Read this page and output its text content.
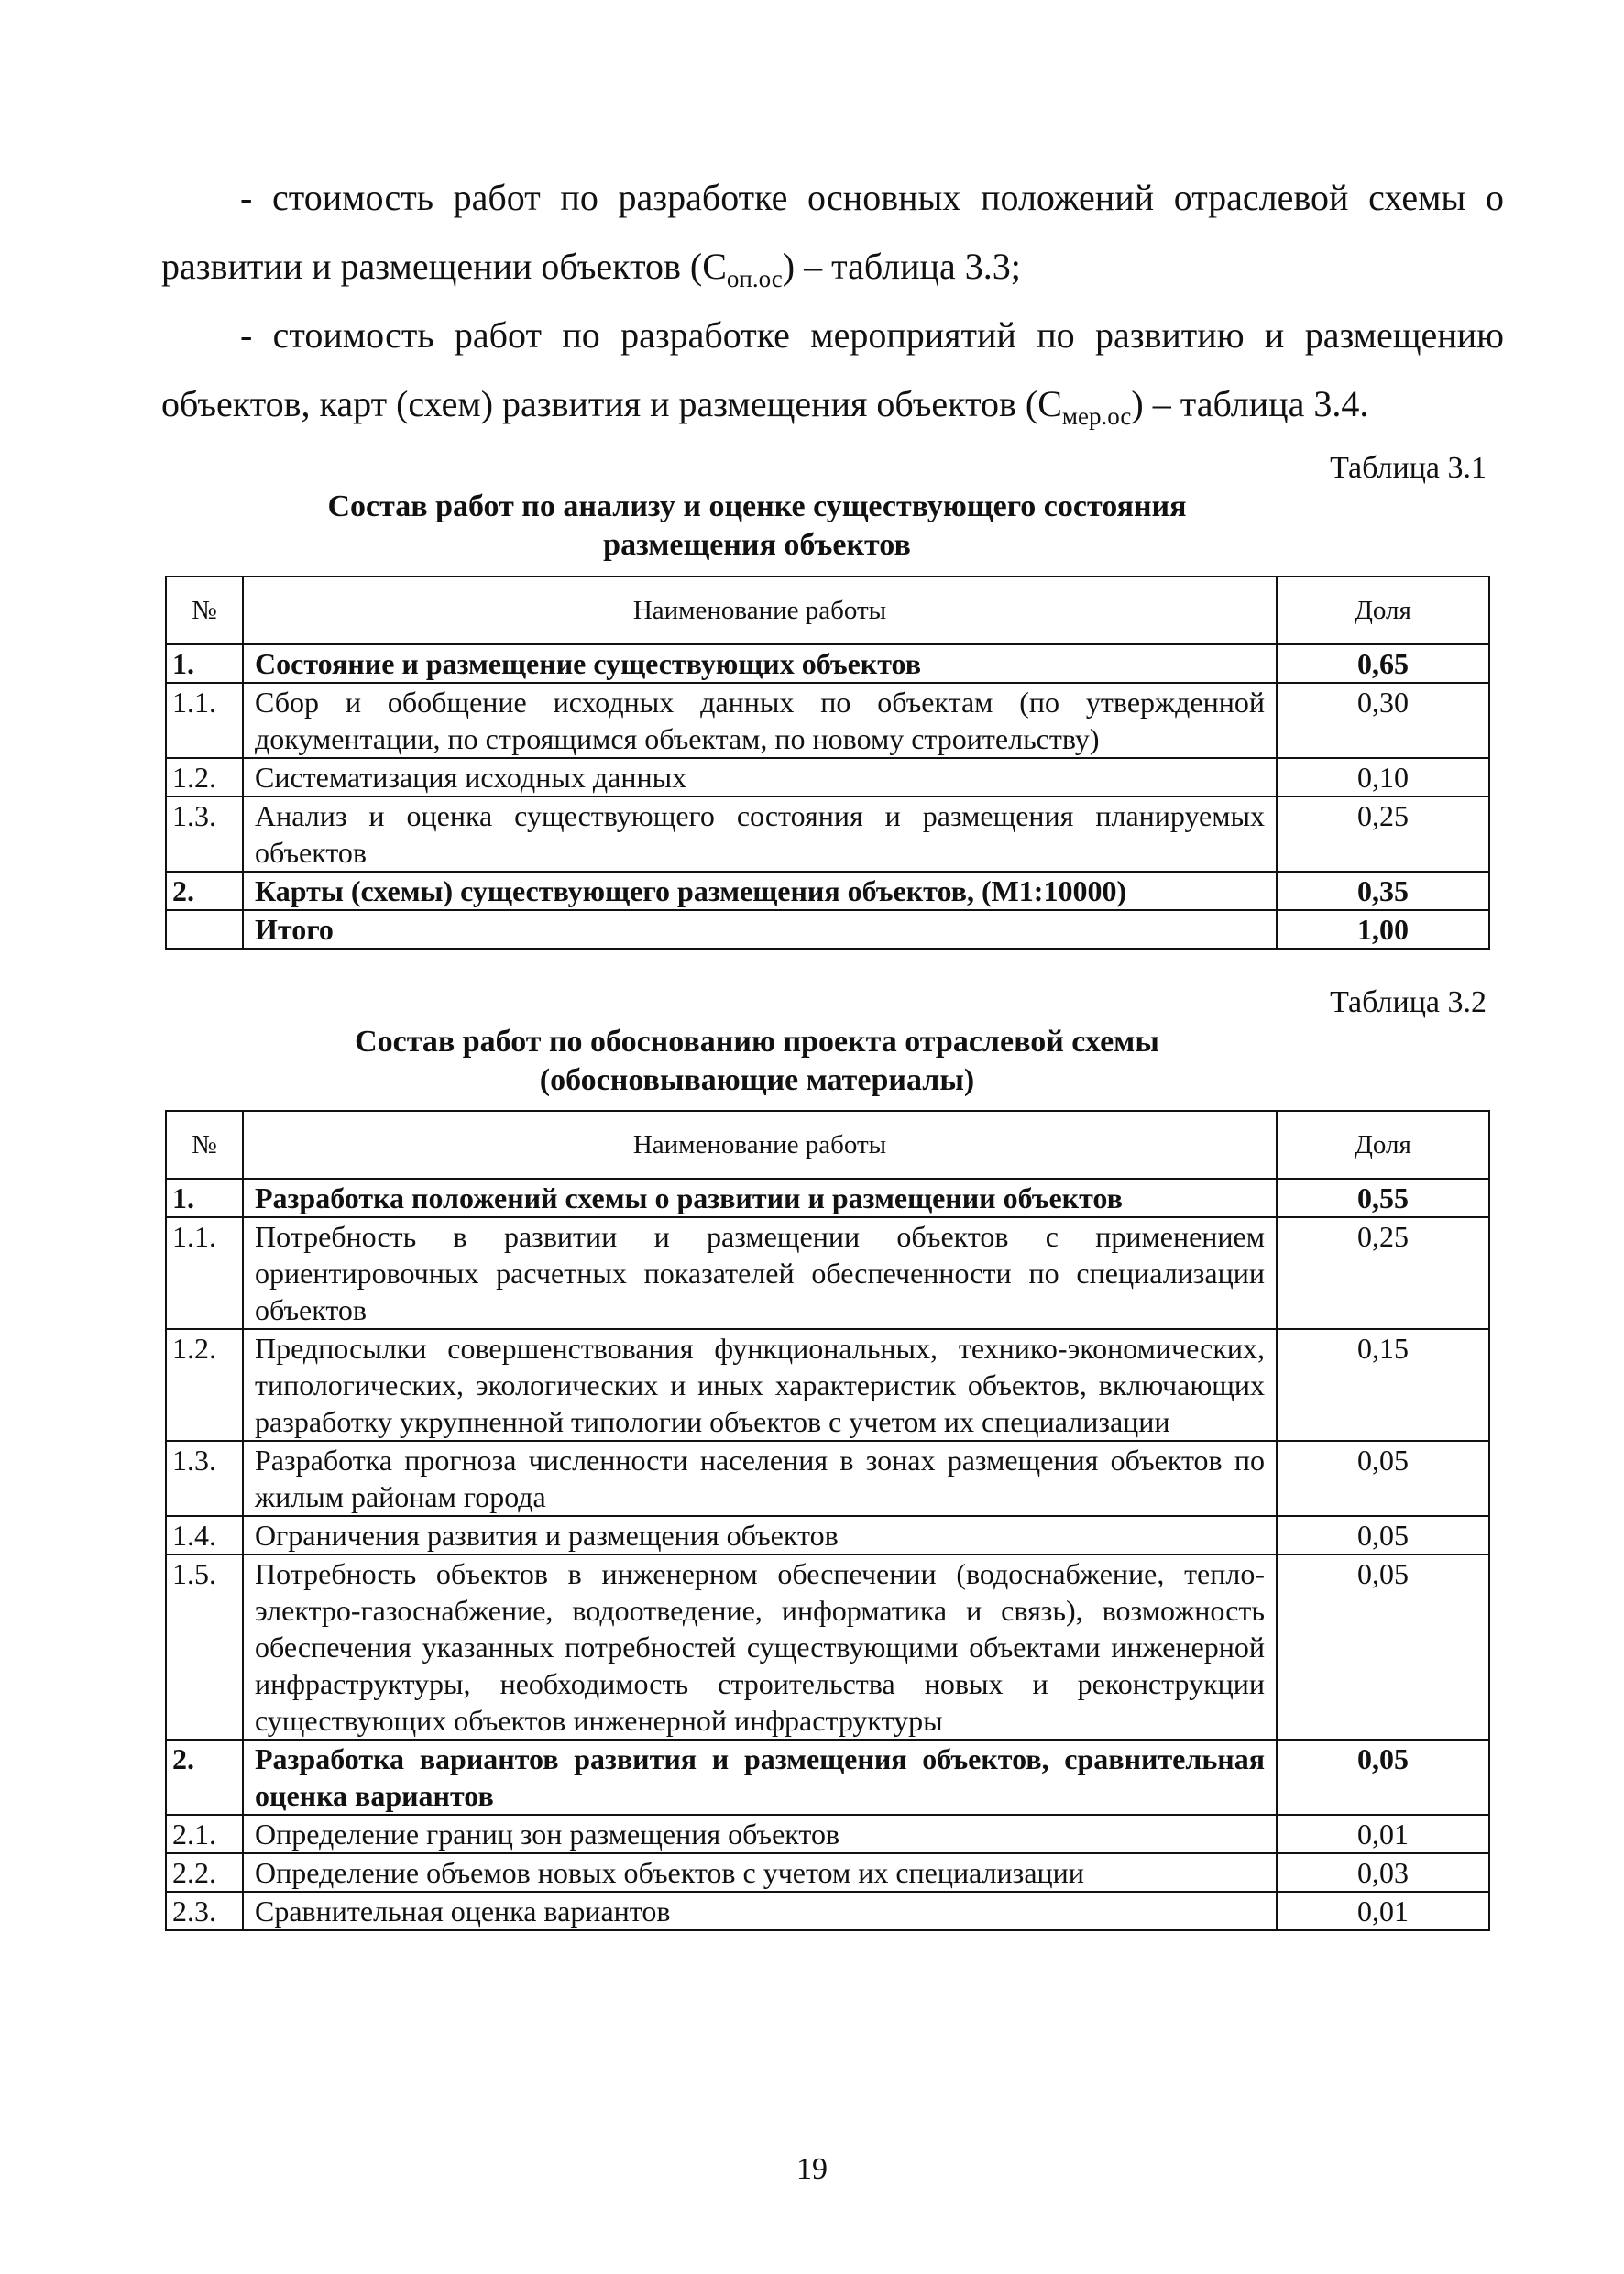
- стоимость работ по разработке основных положений отраслевой схемы о развитии и размещении объектов $(С_{оп.ос})$ – таблица 3.3;

- стоимость работ по разработке мероприятий по развитию и размещению объектов, карт (схем) развития и размещения объектов $(С_{мер.ос})$ – таблица 3.4.

Таблица 3.1
Состав работ по анализу и оценке существующего состояния
размещения объектов
№	Наименование работы	Доля
1.	Состояние и размещение существующих объектов	0,65
1.1.	Сбор и обобщение исходных данных по объектам (по утвержденной документации, по строящимся объектам, по новому строительству)	0,30
1.2.	Систематизация исходных данных	0,10
1.3.	Анализ и оценка существующего состояния и размещения планируемых объектов	0,25
2.	Карты (схемы) существующего размещения объектов, (М1:10000)	0,35
	Итого	1,00
Таблица 3.2
Состав работ по обоснованию проекта отраслевой схемы
(обосновывающие материалы)
№	Наименование работы	Доля
1.	Разработка положений схемы о развитии и размещении объектов	0,55
1.1.	Потребность в развитии и размещении объектов с применением ориентировочных расчетных показателей обеспеченности по специализации объектов	0,25
1.2.	Предпосылки совершенствования функциональных, технико-экономических, типологических, экологических и иных характеристик объектов, включающих разработку укрупненной типологии объектов с учетом их специализации	0,15
1.3.	Разработка прогноза численности населения в зонах размещения объектов по жилым районам города	0,05
1.4.	Ограничения развития и размещения объектов	0,05
1.5.	Потребность объектов в инженерном обеспечении (водоснабжение, тепло-электро-газоснабжение, водоотведение, информатика и связь), возможность обеспечения указанных потребностей существующими объектами инженерной инфраструктуры, необходимость строительства новых и реконструкции существующих объектов инженерной инфраструктуры	0,05
2.	Разработка вариантов развития и размещения объектов, сравнительная оценка вариантов	0,05
2.1.	Определение границ зон размещения объектов	0,01
2.2.	Определение объемов новых объектов с учетом их специализации	0,03
2.3.	Сравнительная оценка вариантов	0,01
19
